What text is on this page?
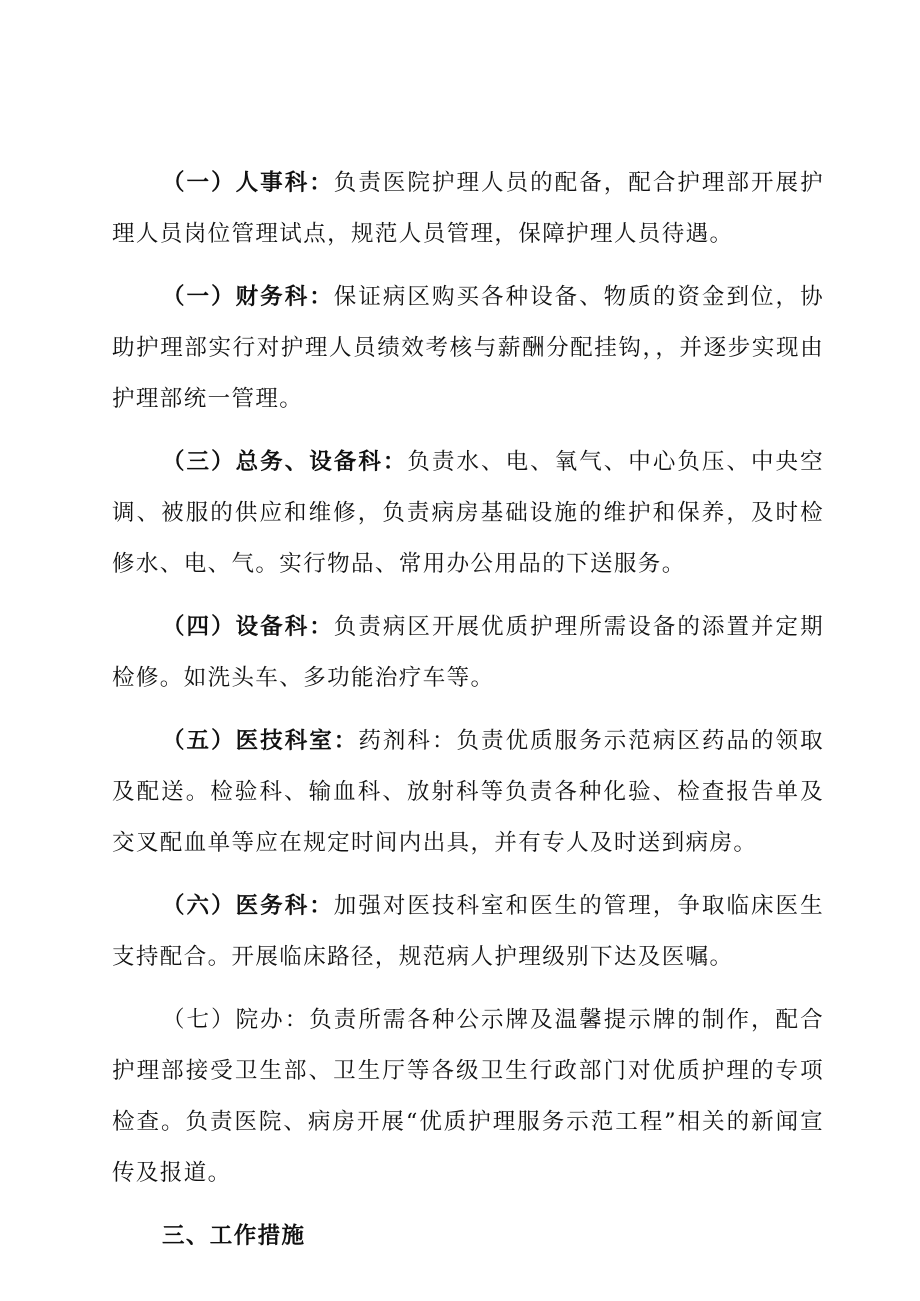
（一）人事科：负责医院护理人员的配备，配合护理部开展护理人员岗位管理试点，规范人员管理，保障护理人员待遇。

（一）财务科：保证病区购买各种设备、物质的资金到位，协助护理部实行对护理人员绩效考核与薪酬分配挂钩，，并逐步实现由护理部统一管理。

（三）总务、设备科：负责水、电、氧气、中心负压、中央空调、被服的供应和维修，负责病房基础设施的维护和保养，及时检修水、电、气。实行物品、常用办公用品的下送服务。

（四）设备科：负责病区开展优质护理所需设备的添置并定期检修。如洗头车、多功能治疗车等。

（五）医技科室：药剂科：负责优质服务示范病区药品的领取及配送。检验科、输血科、放射科等负责各种化验、检查报告单及交叉配血单等应在规定时间内出具，并有专人及时送到病房。

（六）医务科：加强对医技科室和医生的管理，争取临床医生支持配合。开展临床路径，规范病人护理级别下达及医嘱。

（七）院办：负责所需各种公示牌及温馨提示牌的制作，配合护理部接受卫生部、卫生厅等各级卫生行政部门对优质护理的专项检查。负责医院、病房开展“优质护理服务示范工程”相关的新闻宣传及报道。

三、工作措施
